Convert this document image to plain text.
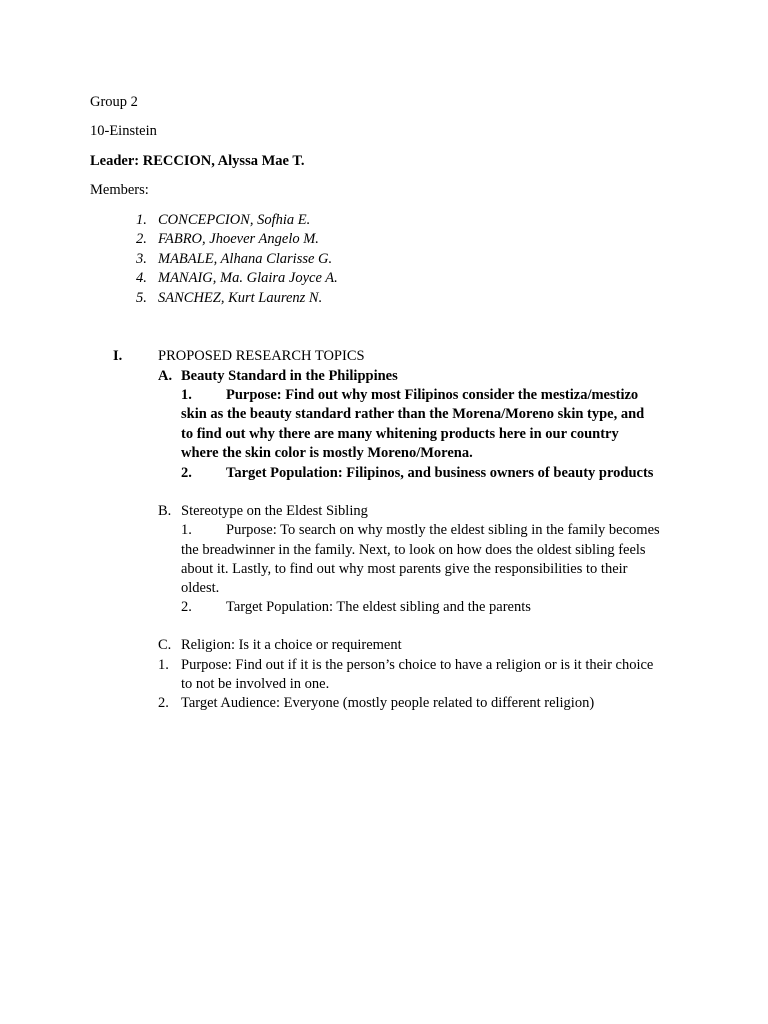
Group 2
10-Einstein
Leader: RECCION, Alyssa Mae T.
Members:
1. CONCEPCION, Sofhia E.
2. FABRO, Jhoever Angelo M.
3. MABALE, Alhana Clarisse G.
4. MANAIG, Ma. Glaira Joyce A.
5. SANCHEZ, Kurt Laurenz N.
I. PROPOSED RESEARCH TOPICS
A. Beauty Standard in the Philippines
1. Purpose: Find out why most Filipinos consider the mestiza/mestizo
skin as the beauty standard rather than the Morena/Moreno skin type, and
to find out why there are many whitening products here in our country
where the skin color is mostly Moreno/Morena.
2. Target Population: Filipinos, and business owners of beauty products
B. Stereotype on the Eldest Sibling
1. Purpose: To search on why mostly the eldest sibling in the family becomes
the breadwinner in the family. Next, to look on how does the oldest sibling feels
about it. Lastly, to find out why most parents give the responsibilities to their
oldest.
2. Target Population: The eldest sibling and the parents
C. Religion: Is it a choice or requirement
1. Purpose: Find out if it is the person’s choice to have a religion or is it their choice
to not be involved in one.
2. Target Audience: Everyone (mostly people related to different religion)
